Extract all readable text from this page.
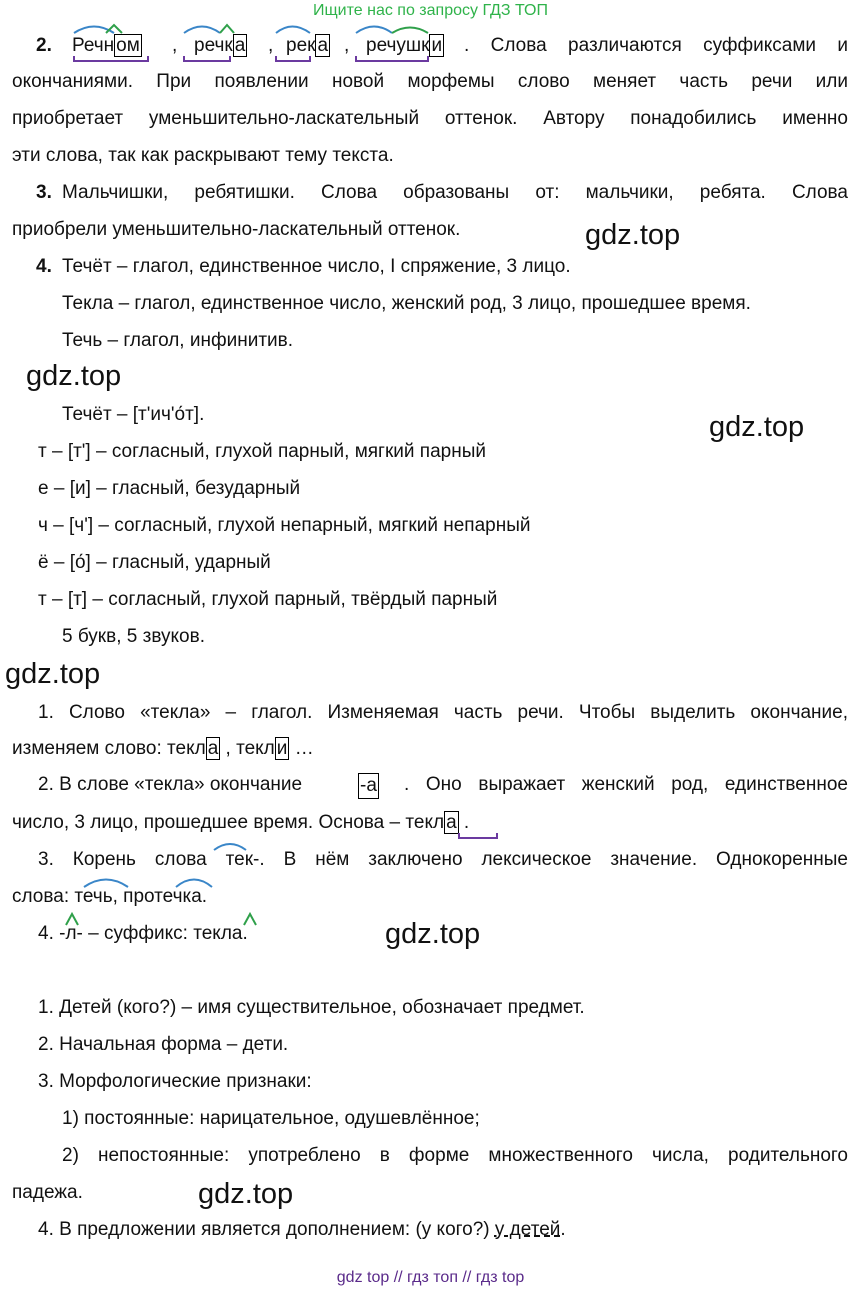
Ищите нас по запросу ГДЗ ТОП
2. Речн ом , речк а , рек а , речушк и . Слова различаются суффиксами и
окончаниями. При появлении новой морфемы слово меняет часть речи или
приобретает уменьшительно-ласкательный оттенок. Автору понадобились именно
эти слова, так как раскрывают тему текста.
3. Мальчишки, ребятишки. Слова образованы от: мальчики, ребята. Слова
приобрели уменьшительно-ласкательный оттенок.	gdz.top
4. Течёт – глагол, единственное число, I спряжение, 3 лицо.
Текла – глагол, единственное число, женский род, 3 лицо, прошедшее время.
Течь – глагол, инфинитив.
gdz.top
Течёт – [т'ич'о́т].	gdz.top
т – [т'] – согласный, глухой парный, мягкий парный
е – [и] – гласный, безударный
ч – [ч'] – согласный, глухой непарный, мягкий непарный
ё – [о́] – гласный, ударный
т – [т] – согласный, глухой парный, твёрдый парный
5 букв, 5 звуков.
gdz.top
1. Слово «текла» – глагол. Изменяемая часть речи. Чтобы выделить окончание,
изменяем слово: текл а , текл и …
2. В слове «текла» окончание	-а . Оно выражает женский род, единственное
число, 3 лицо, прошедшее время. Основа – текл а .
3. Корень слова тек-. В нём заключено лексическое значение. Однокоренные
слова: течь, протечка.
4. -л- – суффикс: текла.	gdz.top
1. Детей (кого?) – имя существительное, обозначает предмет.
2. Начальная форма – дети.
3. Морфологические признаки:
1) постоянные: нарицательное, одушевлённое;
2) непостоянные: употреблено в форме множественного числа, родительного
падежа.	gdz.top
4. В предложении является дополнением: (у кого?) у детей.
gdz top // гдз топ // гдз top
